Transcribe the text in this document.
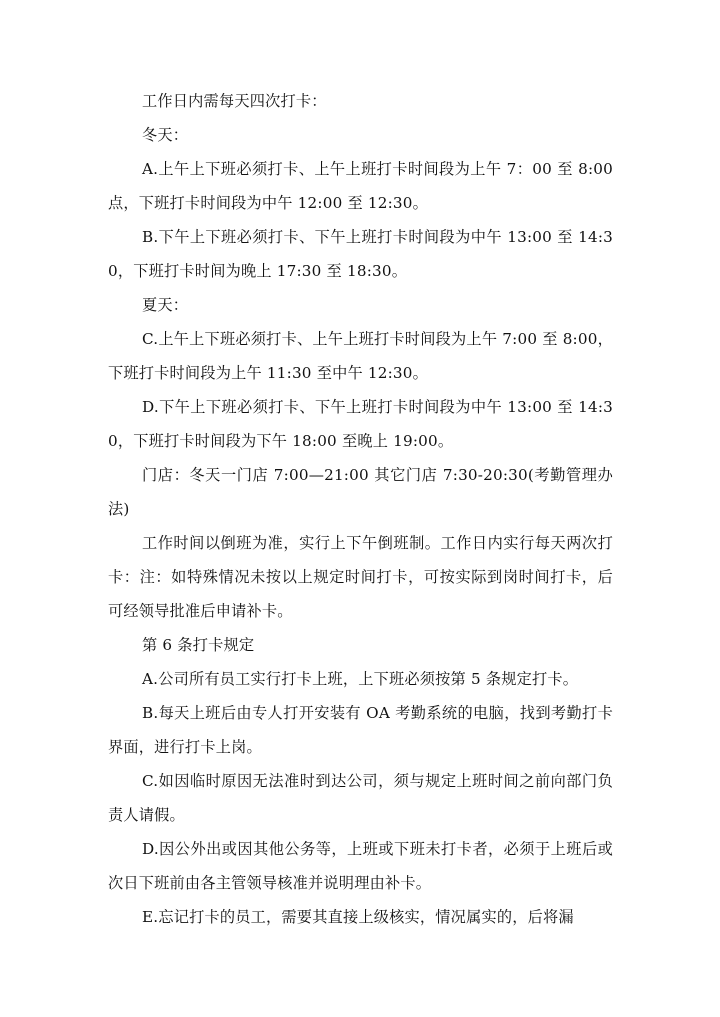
工作日内需每天四次打卡：

冬天：

A.上午上下班必须打卡、上午上班打卡时间段为上午 7：00 至 8:00 点，下班打卡时间段为中午 12:00 至 12:30。

B.下午上下班必须打卡、下午上班打卡时间段为中午 13:00 至 14:30，下班打卡时间为晚上 17:30 至 18:30。

夏天：

C.上午上下班必须打卡、上午上班打卡时间段为上午 7:00 至 8:00，下班打卡时间段为上午 11:30 至中午 12:30。

D.下午上下班必须打卡、下午上班打卡时间段为中午 13:00 至 14:30，下班打卡时间段为下午 18:00 至晚上 19:00。

门店：冬天一门店 7:00—21:00 其它门店 7:30-20:30(考勤管理办法)

工作时间以倒班为准，实行上下午倒班制。工作日内实行每天两次打卡：注：如特殊情况未按以上规定时间打卡，可按实际到岗时间打卡，后可经领导批准后申请补卡。

第 6 条打卡规定

A.公司所有员工实行打卡上班，上下班必须按第 5 条规定打卡。

B.每天上班后由专人打开安装有 OA 考勤系统的电脑，找到考勤打卡界面，进行打卡上岗。

C.如因临时原因无法准时到达公司，须与规定上班时间之前向部门负责人请假。

D.因公外出或因其他公务等，上班或下班未打卡者，必须于上班后或次日下班前由各主管领导核准并说明理由补卡。

E.忘记打卡的员工，需要其直接上级核实，情况属实的，后将漏
